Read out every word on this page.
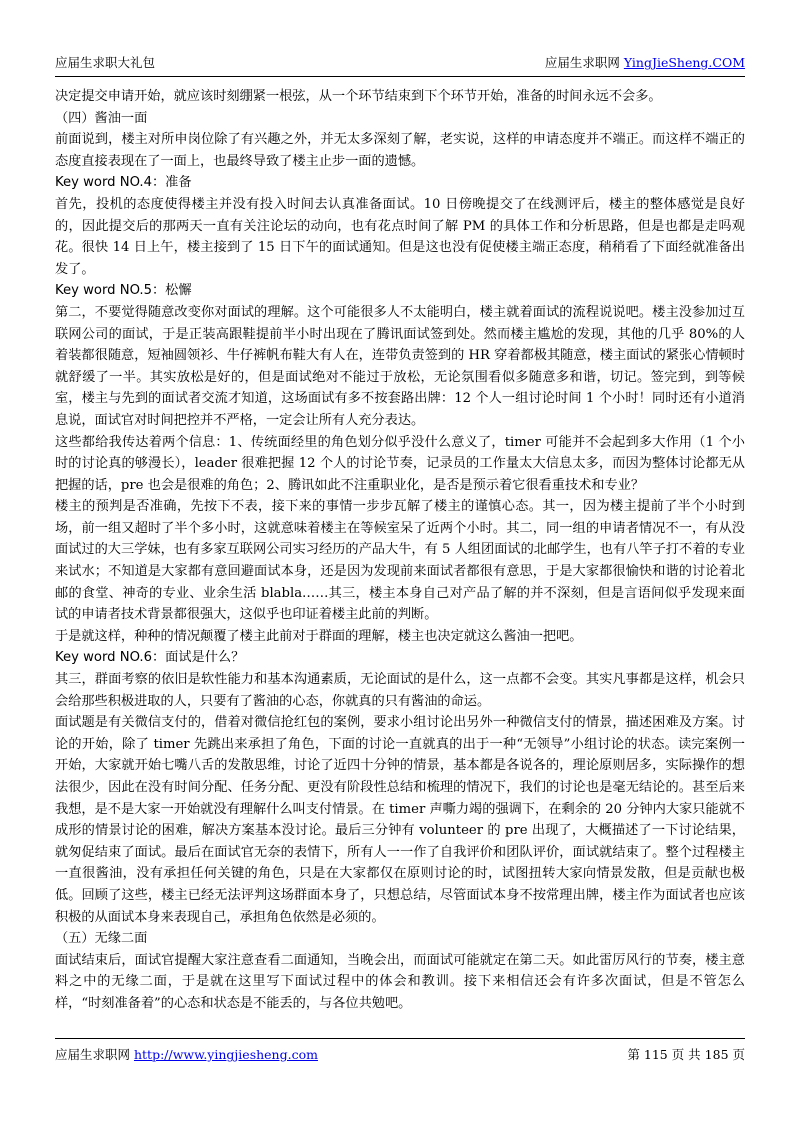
应届生求职大礼包	应届生求职网 YingJieSheng.COM

决定提交申请开始，就应该时刻绷紧一根弦，从一个环节结束到下个环节开始，准备的时间永远不会多。

（四）酱油一面

前面说到，楼主对所申岗位除了有兴趣之外，并无太多深刻了解，老实说，这样的申请态度并不端正。而这样不端正的态度直接表现在了一面上，也最终导致了楼主止步一面的遗憾。

Key word NO.4：准备

首先，投机的态度使得楼主并没有投入时间去认真准备面试。10 日傍晚提交了在线测评后，楼主的整体感觉是良好的，因此提交后的那两天一直有关注论坛的动向，也有花点时间了解 PM 的具体工作和分析思路，但是也都是走吗观花。很快 14 日上午，楼主接到了 15 日下午的面试通知。但是这也没有促使楼主端正态度，稍稍看了下面经就准备出发了。

Key word NO.5：松懈

第二，不要觉得随意改变你对面试的理解。这个可能很多人不太能明白，楼主就着面试的流程说说吧。楼主没参加过互联网公司的面试，于是正装高跟鞋提前半小时出现在了腾讯面试签到处。然而楼主尴尬的发现，其他的几乎 80%的人着装都很随意，短袖圆领衫、牛仔裤帆布鞋大有人在，连带负责签到的 HR 穿着都极其随意，楼主面试的紧张心情顿时就舒缓了一半。其实放松是好的，但是面试绝对不能过于放松，无论氛围看似多随意多和谐，切记。签完到，到等候室，楼主与先到的面试者交流才知道，这场面试有多不按套路出牌：12 个人一组讨论时间 1 个小时！同时还有小道消息说，面试官对时间把控并不严格，一定会让所有人充分表达。

这些都给我传达着两个信息：1、传统面经里的角色划分似乎没什么意义了，timer 可能并不会起到多大作用（1 个小时的讨论真的够漫长），leader 很难把握 12 个人的讨论节奏，记录员的工作量太大信息太多，而因为整体讨论都无从把握的话，pre 也会是很难的角色；2、腾讯如此不注重职业化，是否是预示着它很看重技术和专业？

楼主的预判是否准确，先按下不表，接下来的事情一步步瓦解了楼主的谨慎心态。其一，因为楼主提前了半个小时到场，前一组又超时了半个多小时，这就意味着楼主在等候室呆了近两个小时。其二，同一组的申请者情况不一，有从没面试过的大三学妹，也有多家互联网公司实习经历的产品大牛，有 5 人组团面试的北邮学生，也有八竿子打不着的专业来试水；不知道是大家都有意回避面试本身，还是因为发现前来面试者都很有意思，于是大家都很愉快和谐的讨论着北邮的食堂、神奇的专业、业余生活 blabla……其三，楼主本身自己对产品了解的并不深刻，但是言语间似乎发现来面试的申请者技术背景都很强大，这似乎也印证着楼主此前的判断。

于是就这样，种种的情况颠覆了楼主此前对于群面的理解，楼主也决定就这么酱油一把吧。

Key word NO.6：面试是什么？

其三，群面考察的依旧是软性能力和基本沟通素质，无论面试的是什么，这一点都不会变。其实凡事都是这样，机会只会给那些积极进取的人，只要有了酱油的心态，你就真的只有酱油的命运。

面试题是有关微信支付的，借着对微信抢红包的案例，要求小组讨论出另外一种微信支付的情景，描述困难及方案。讨论的开始，除了 timer 先跳出来承担了角色，下面的讨论一直就真的出于一种“无领导”小组讨论的状态。读完案例一开始，大家就开始七嘴八舌的发散思维，讨论了近四十分钟的情景，基本都是各说各的，理论原则居多，实际操作的想法很少，因此在没有时间分配、任务分配、更没有阶段性总结和梳理的情况下，我们的讨论也是毫无结论的。甚至后来我想，是不是大家一开始就没有理解什么叫支付情景。在 timer 声嘶力竭的强调下，在剩余的 20 分钟内大家只能就不成形的情景讨论的困难，解决方案基本没讨论。最后三分钟有 volunteer 的 pre 出现了，大概描述了一下讨论结果，就匆促结束了面试。最后在面试官无奈的表情下，所有人一一作了自我评价和团队评价，面试就结束了。整个过程楼主一直很酱油，没有承担任何关键的角色，只是在大家都仅在原则讨论的时，试图扭转大家向情景发散，但是贡献也极低。回顾了这些，楼主已经无法评判这场群面本身了，只想总结，尽管面试本身不按常理出牌，楼主作为面试者也应该积极的从面试本身来表现自己，承担角色依然是必须的。

（五）无缘二面

面试结束后，面试官提醒大家注意查看二面通知，当晚会出，而面试可能就定在第二天。如此雷厉风行的节奏，楼主意料之中的无缘二面，于是就在这里写下面试过程中的体会和教训。接下来相信还会有许多次面试，但是不管怎么样，“时刻准备着”的心态和状态是不能丢的，与各位共勉吧。

应届生求职网 http://www.yingjiesheng.com	第 115 页 共 185 页
